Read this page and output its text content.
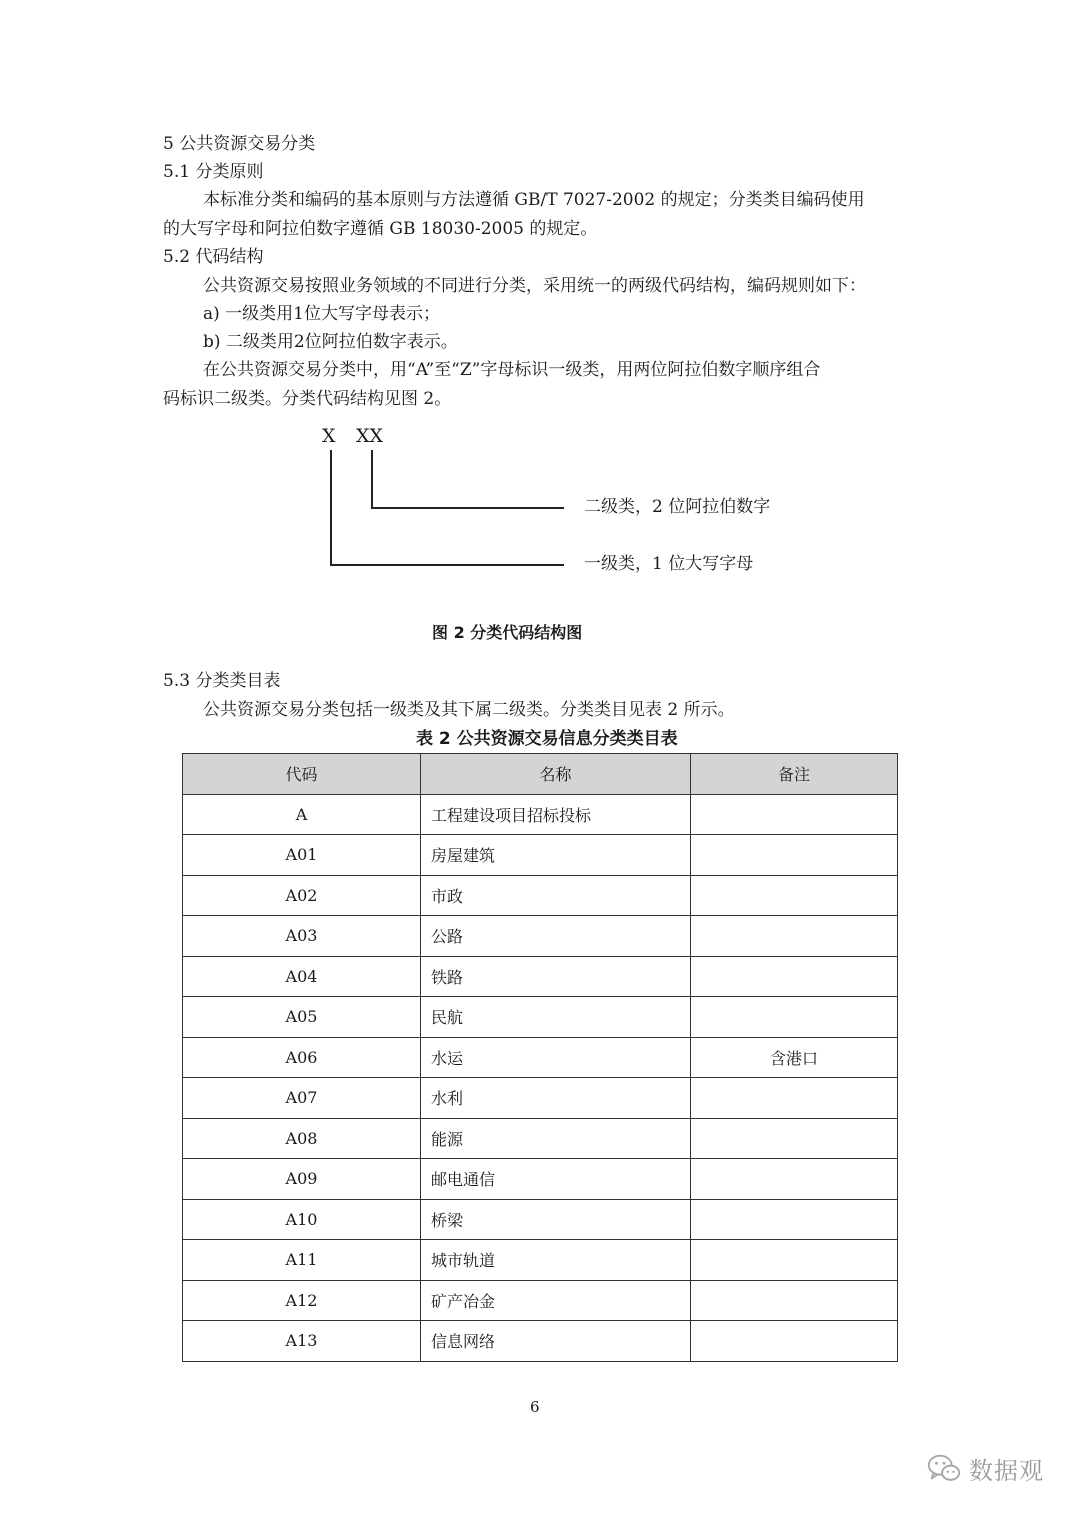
5 公共资源交易分类
5.1 分类原则
本标准分类和编码的基本原则与方法遵循 GB/T 7027-2002 的规定；分类类目编码使用
的大写字母和阿拉伯数字遵循 GB 18030-2005 的规定。
5.2 代码结构
公共资源交易按照业务领域的不同进行分类，采用统一的两级代码结构，编码规则如下：
a) 一级类用1位大写字母表示；
b) 二级类用2位阿拉伯数字表示。
在公共资源交易分类中，用“A”至“Z”字母标识一级类，用两位阿拉伯数字顺序组合
码标识二级类。分类代码结构见图 2。
X XX
二级类，2 位阿拉伯数字
一级类，1 位大写字母
图 2 分类代码结构图
5.3 分类类目表
公共资源交易分类包括一级类及其下属二级类。分类类目见表 2 所示。
表 2 公共资源交易信息分类类目表
代码	名称	备注
A	工程建设项目招标投标	
A01	房屋建筑	
A02	市政	
A03	公路	
A04	铁路	
A05	民航	
A06	水运	含港口
A07	水利	
A08	能源	
A09	邮电通信	
A10	桥梁	
A11	城市轨道	
A12	矿产冶金	
A13	信息网络	
6
数据观
